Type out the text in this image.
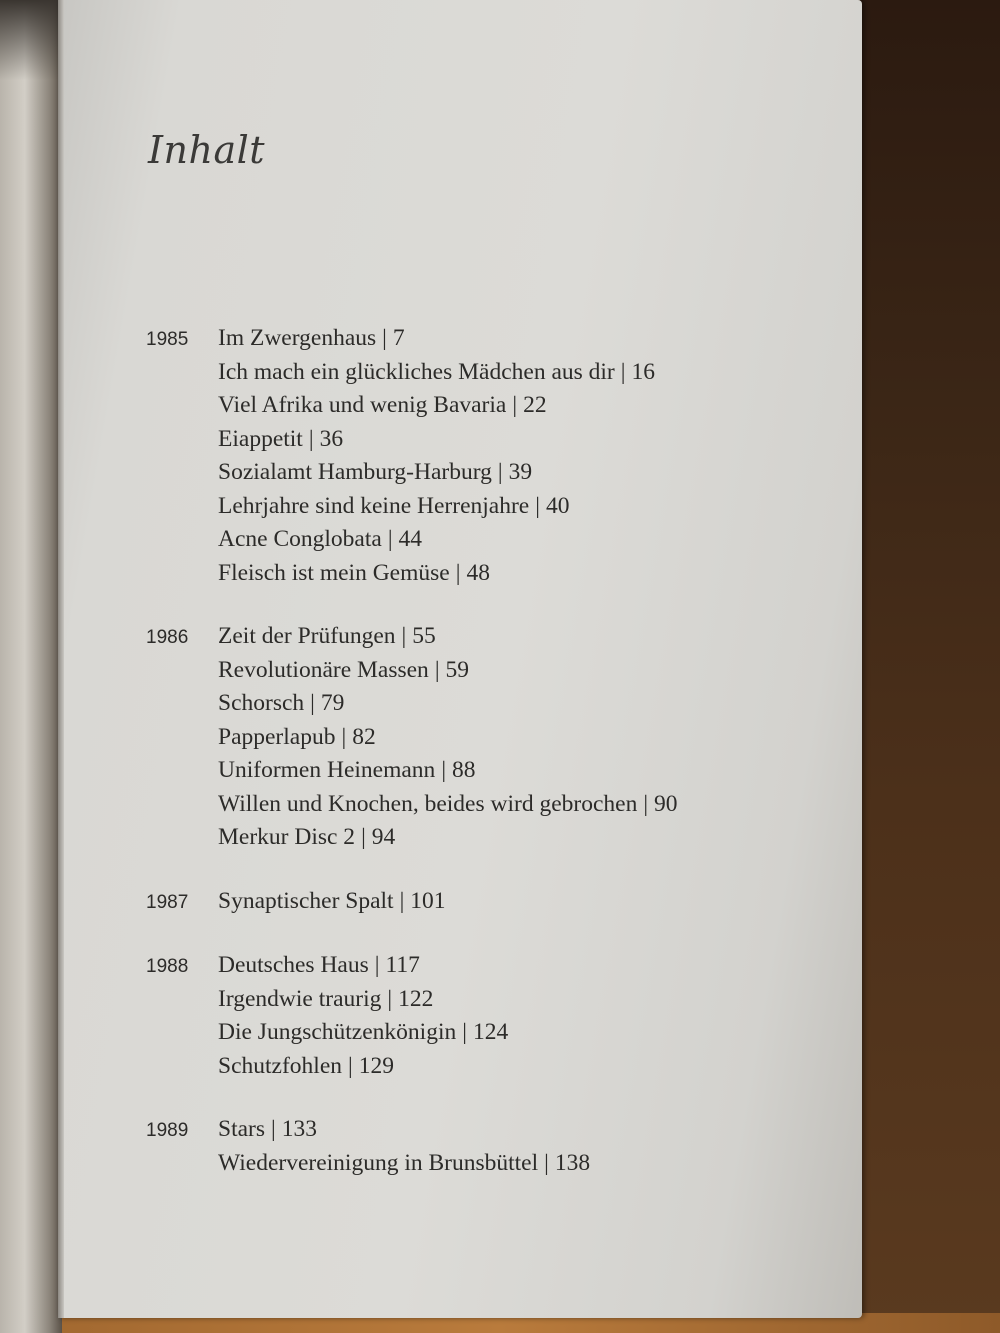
Inhalt
1985	Im Zwergenhaus | 7
Ich mach ein glückliches Mädchen aus dir | 16
Viel Afrika und wenig Bavaria | 22
Eiappetit | 36
Sozialamt Hamburg-Harburg | 39
Lehrjahre sind keine Herrenjahre | 40
Acne Conglobata | 44
Fleisch ist mein Gemüse | 48
1986	Zeit der Prüfungen | 55
Revolutionäre Massen | 59
Schorsch | 79
Papperlapub | 82
Uniformen Heinemann | 88
Willen und Knochen, beides wird gebrochen | 90
Merkur Disc 2 | 94
1987	Synaptischer Spalt | 101
1988	Deutsches Haus | 117
Irgendwie traurig | 122
Die Jungschützenkönigin | 124
Schutzfohlen | 129
1989	Stars | 133
Wiedervereinigung in Brunsbüttel | 138
